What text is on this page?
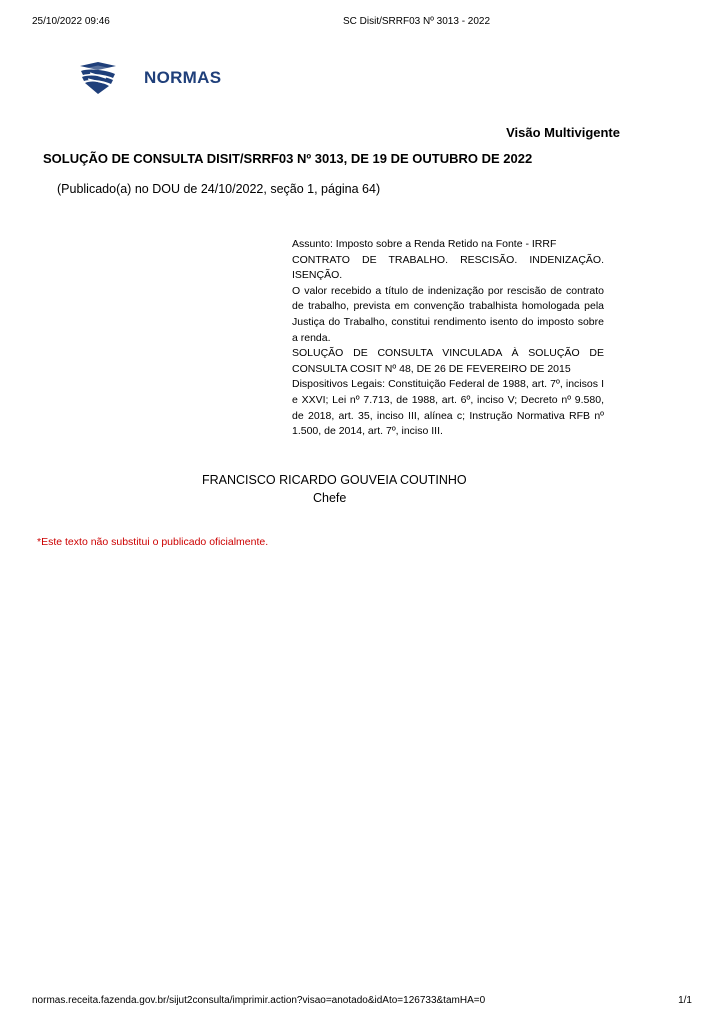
25/10/2022 09:46	SC Disit/SRRF03 Nº 3013 - 2022
NORMAS
Visão Multivigente
SOLUÇÃO DE CONSULTA DISIT/SRRF03 Nº 3013, DE 19 DE OUTUBRO DE 2022
(Publicado(a) no DOU de 24/10/2022, seção 1, página 64)

Assunto: Imposto sobre a Renda Retido na Fonte - IRRF

CONTRATO DE TRABALHO. RESCISÃO. INDENIZAÇÃO. ISENÇÃO.

O valor recebido a título de indenização por rescisão de contrato de trabalho, prevista em convenção trabalhista homologada pela Justiça do Trabalho, constitui rendimento isento do imposto sobre a renda.

SOLUÇÃO DE CONSULTA VINCULADA À SOLUÇÃO DE CONSULTA COSIT Nº 48, DE 26 DE FEVEREIRO DE 2015

Dispositivos Legais: Constituição Federal de 1988, art. 7º, incisos I e XXVI; Lei nº 7.713, de 1988, art. 6º, inciso V; Decreto nº 9.580, de 2018, art. 35, inciso III, alínea c; Instrução Normativa RFB nº 1.500, de 2014, art. 7º, inciso III.

FRANCISCO RICARDO GOUVEIA COUTINHO
Chefe
*Este texto não substitui o publicado oficialmente.
normas.receita.fazenda.gov.br/sijut2consulta/imprimir.action?visao=anotado&idAto=126733&tamHA=0	1/1
